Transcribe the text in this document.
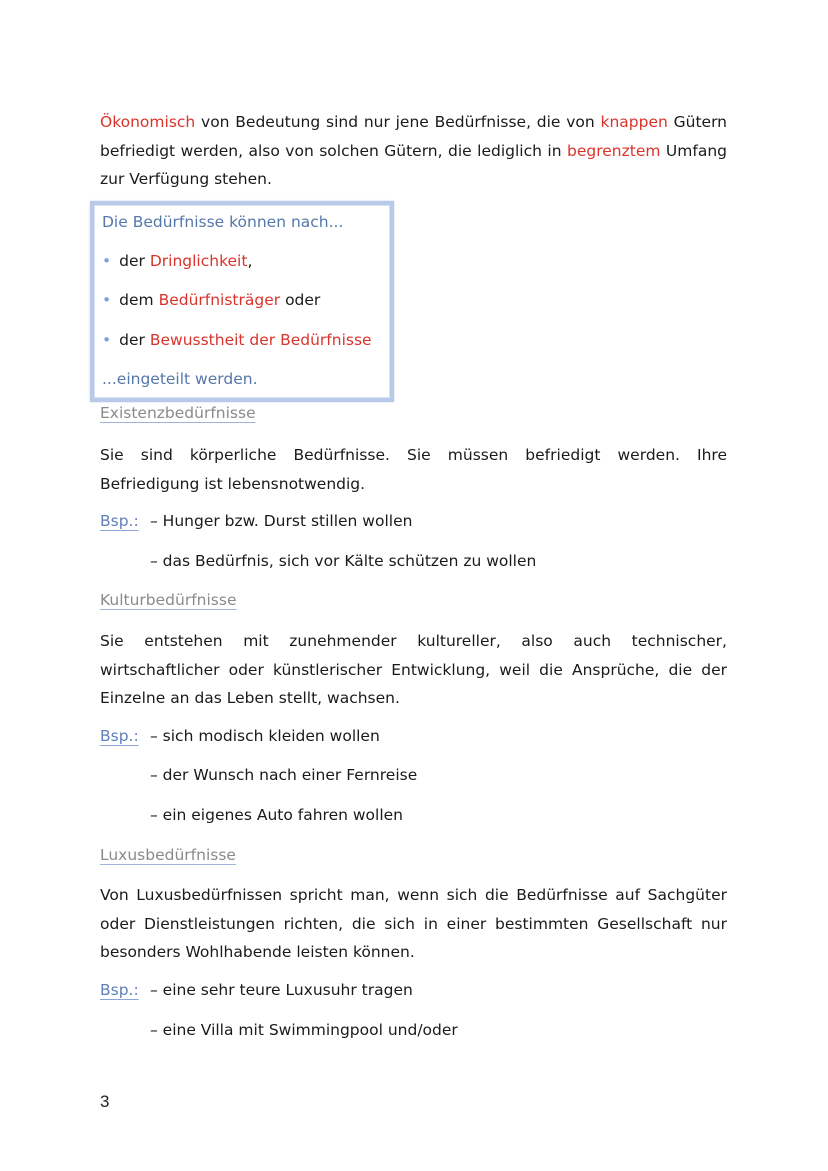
Ökonomisch von Bedeutung sind nur jene Bedürfnisse, die von knappen Gütern befriedigt werden, also von solchen Gütern, die lediglich in begrenztem Umfang zur Verfügung stehen.

Die Bedürfnisse können nach...
• der Dringlichkeit,
• dem Bedürfnisträger oder
• der Bewusstheit der Bedürfnisse
...eingeteilt werden.
Existenzbedürfnisse

Sie sind körperliche Bedürfnisse. Sie müssen befriedigt werden. Ihre Befriedigung ist lebensnotwendig.

Bsp.: – Hunger bzw. Durst stillen wollen
– das Bedürfnis, sich vor Kälte schützen zu wollen
Kulturbedürfnisse

Sie entstehen mit zunehmender kultureller, also auch technischer, wirtschaftlicher oder künstlerischer Entwicklung, weil die Ansprüche, die der Einzelne an das Leben stellt, wachsen.

Bsp.: – sich modisch kleiden wollen
– der Wunsch nach einer Fernreise
– ein eigenes Auto fahren wollen
Luxusbedürfnisse

Von Luxusbedürfnissen spricht man, wenn sich die Bedürfnisse auf Sachgüter oder Dienstleistungen richten, die sich in einer bestimmten Gesellschaft nur besonders Wohlhabende leisten können.

Bsp.: – eine sehr teure Luxusuhr tragen
– eine Villa mit Swimmingpool und/oder
3
